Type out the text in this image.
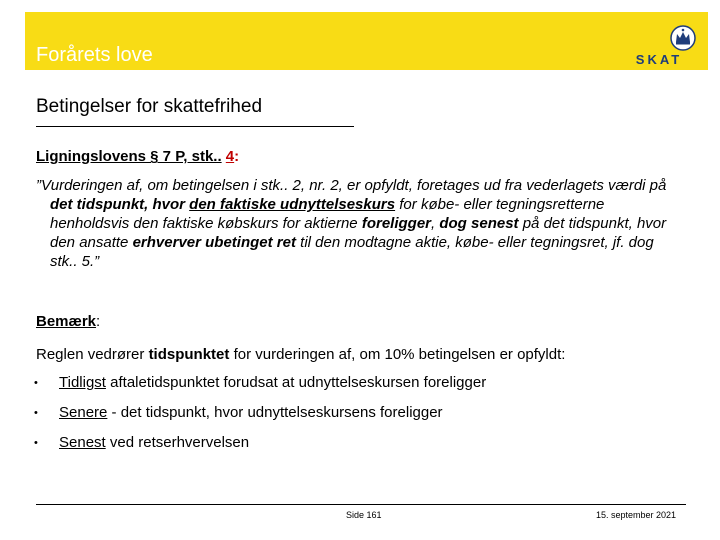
Forårets love	SKAT
Betingelser for skattefrihed
Ligningslovens § 7 P, stk.. 4:

”Vurderingen af, om betingelsen i stk.. 2, nr. 2, er opfyldt, foretages ud fra vederlagets værdi på det tidspunkt, hvor den faktiske udnyttelseskurs for købe- eller tegningsretterne henholdsvis den faktiske købskurs for aktierne foreligger, dog senest på det tidspunkt, hvor den ansatte erhverver ubetinget ret til den modtagne aktie, købe- eller tegningsret, jf. dog stk.. 5.”

Bemærk:
Reglen vedrører tidspunktet for vurderingen af, om 10% betingelsen er opfyldt:
• Tidligst aftaletidspunktet forudsat at udnyttelseskursen foreligger
• Senere - det tidspunkt, hvor udnyttelseskursens foreligger
• Senest ved retserhvervelsen
Side 161	15. september 2021
